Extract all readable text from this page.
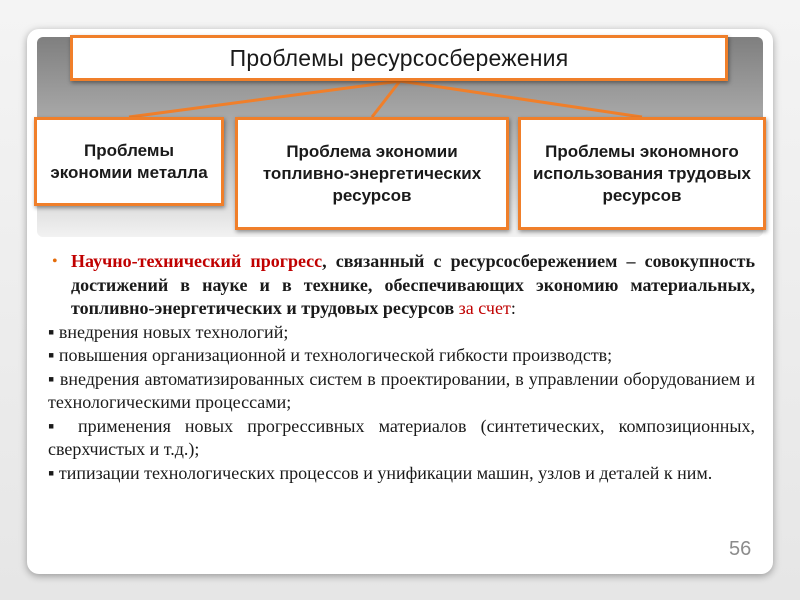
Проблемы ресурсосбережения
Проблемы экономии металла
Проблема экономии топливно-энергетических ресурсов
Проблемы экономного использования трудовых ресурсов
• Научно-технический прогресс, связанный с ресурсосбережением – совокупность достижений в науке и в технике, обеспечивающих экономию материальных, топливно-энергетических и трудовых ресурсов за счет:
▪ внедрения новых технологий;
▪ повышения организационной и технологической гибкости производств;
▪ внедрения автоматизированных систем в проектировании, в управлении оборудованием и технологическими процессами;
▪ применения новых прогрессивных материалов (синтетических, композиционных, сверхчистых и т.д.);
▪ типизации технологических процессов и унификации машин, узлов и деталей к ним.
56
